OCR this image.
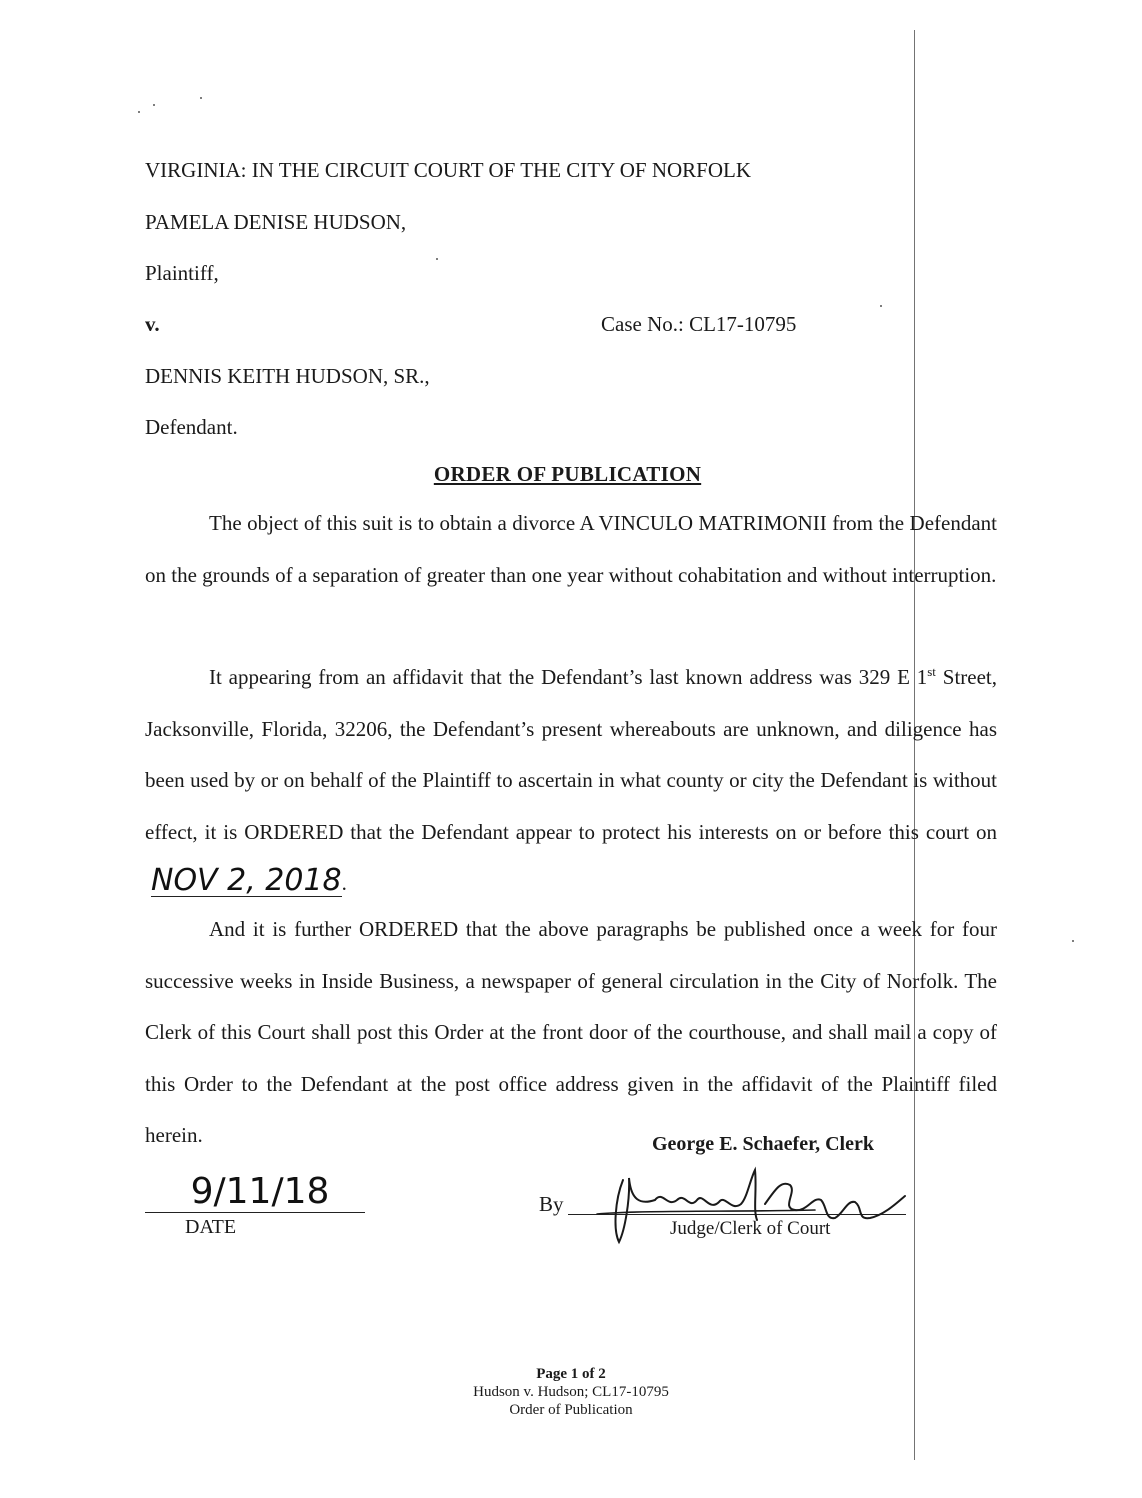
VIRGINIA: IN THE CIRCUIT COURT OF THE CITY OF NORFOLK
PAMELA DENISE HUDSON,
Plaintiff,
v.	Case No.: CL17-10795
DENNIS KEITH HUDSON, SR.,
Defendant.
ORDER OF PUBLICATION
The object of this suit is to obtain a divorce A VINCULO MATRIMONII from the Defendant on the grounds of a separation of greater than one year without cohabitation and without interruption.
It appearing from an affidavit that the Defendant’s last known address was 329 E 1st Street, Jacksonville, Florida, 32206, the Defendant’s present whereabouts are unknown, and diligence has been used by or on behalf of the Plaintiff to ascertain in what county or city the Defendant is without effect, it is ORDERED that the Defendant appear to protect his interests on or before this court onNOV 2, 2018.
And it is further ORDERED that the above paragraphs be published once a week for four successive weeks in Inside Business, a newspaper of general circulation in the City of Norfolk. The Clerk of this Court shall post this Order at the front door of the courthouse, and shall mail a copy of this Order to the Defendant at the post office address given in the affidavit of the Plaintiff filed herein.	George E. Schaefer, Clerk
9/11/18
DATE
By
Judge/Clerk of Court
Page 1 of 2
Hudson v. Hudson; CL17-10795
Order of Publication
